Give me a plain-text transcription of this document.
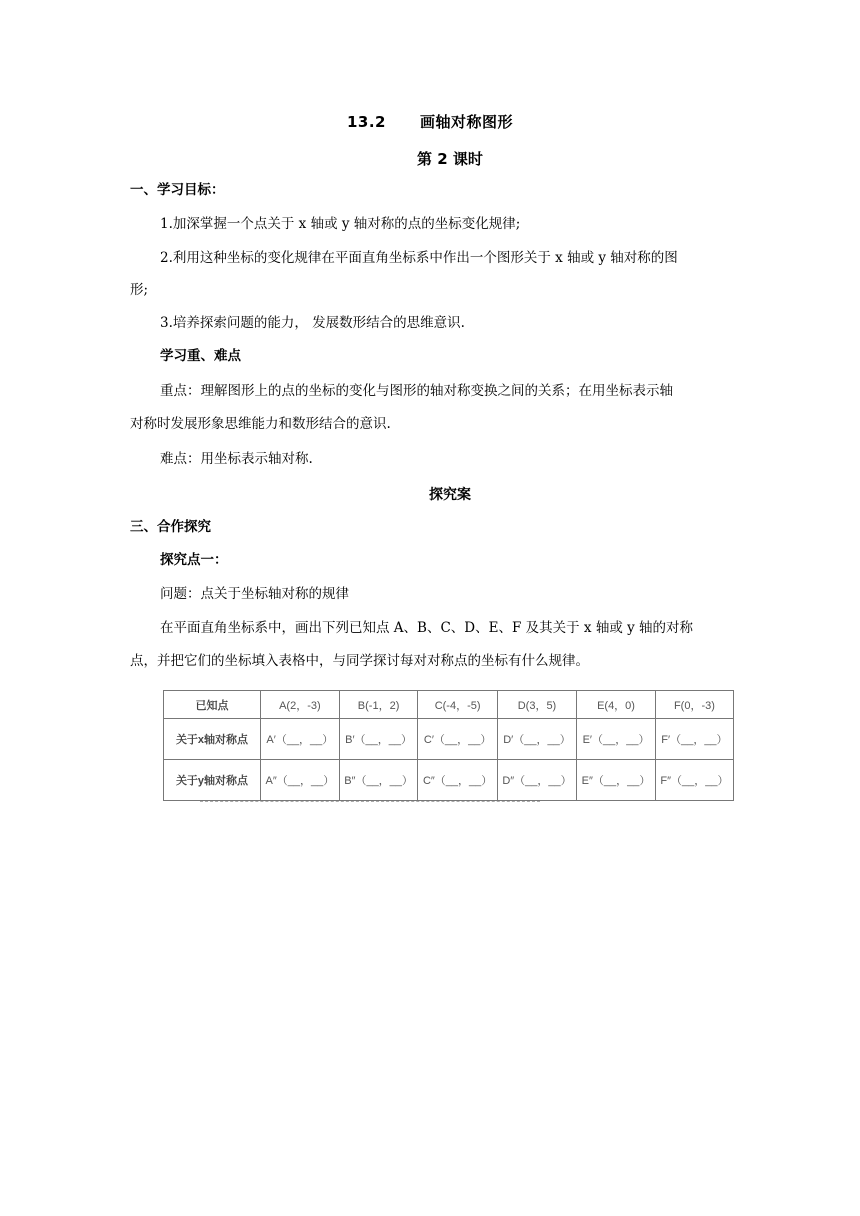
13.2 画轴对称图形
第 2 课时
一、学习目标：
1.加深掌握一个点关于 x 轴或 y 轴对称的点的坐标变化规律;
2.利用这种坐标的变化规律在平面直角坐标系中作出一个图形关于 x 轴或 y 轴对称的图
形;
3.培养探索问题的能力， 发展数形结合的思维意识.
学习重、难点
重点：理解图形上的点的坐标的变化与图形的轴对称变换之间的关系；在用坐标表示轴
对称时发展形象思维能力和数形结合的意识.
难点：用坐标表示轴对称.
探究案
三、合作探究
探究点一：
问题：点关于坐标轴对称的规律
在平面直角坐标系中，画出下列已知点 A、B、C、D、E、F 及其关于 x 轴或 y 轴的对称
点，并把它们的坐标填入表格中，与同学探讨每对对称点的坐标有什么规律。
已知点	A(2，-3)	B(-1，2)	C(-4，-5)	D(3，5)	E(4，0)	F(0，-3)
关于x轴对称点	A′（__，__）	B′（__，__）	C′（__，__）	D′（__，__）	E′（__，__）	F′（__，__）
关于y轴对称点	A″（__，__）	B″（__，__）	C″（__，__）	D″（__，__）	E″（__，__）	F″（__，__）
